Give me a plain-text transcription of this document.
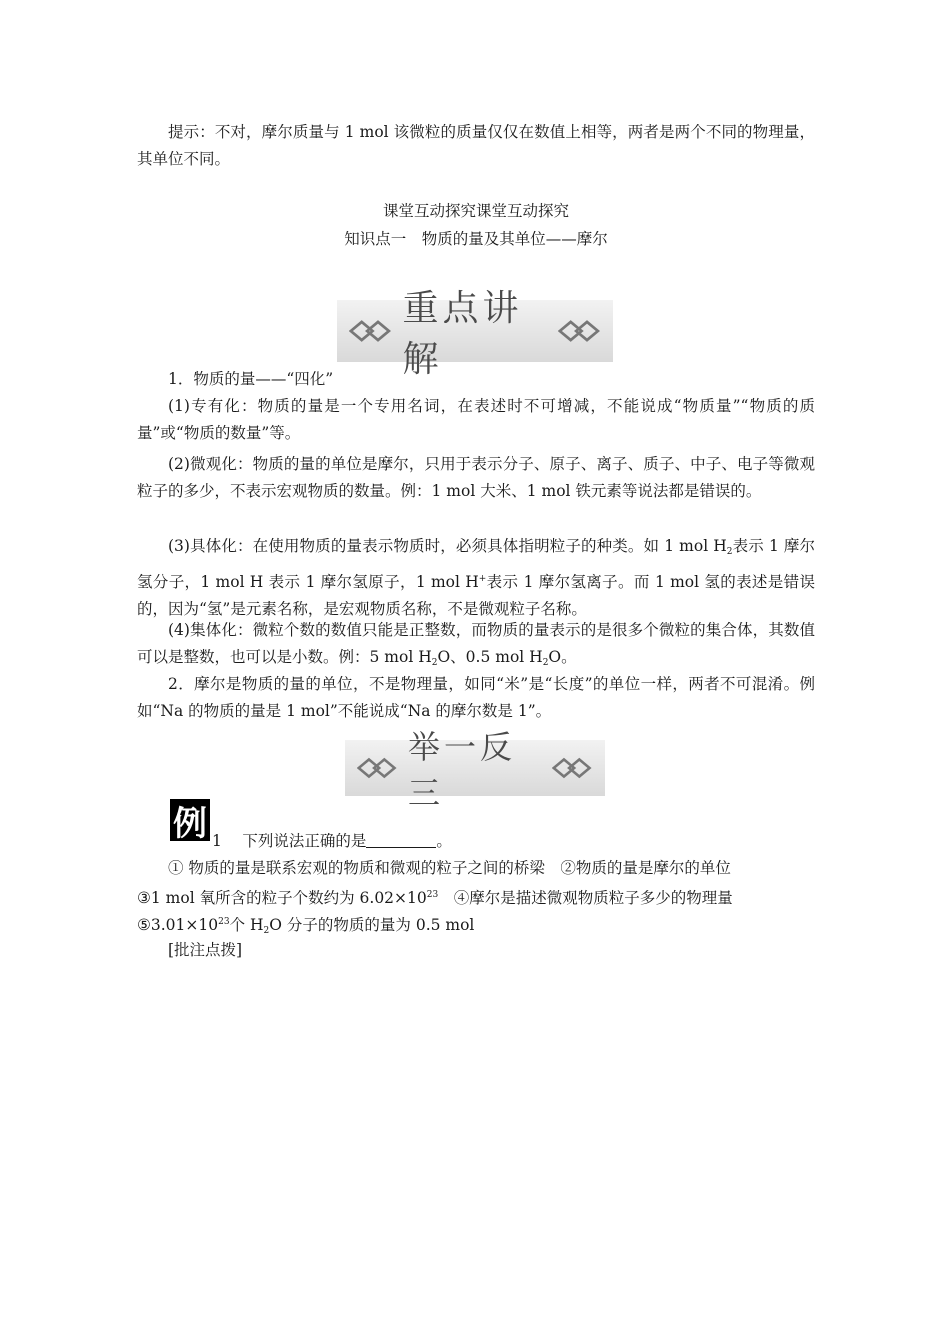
提示：不对，摩尔质量与 1 mol 该微粒的质量仅仅在数值上相等，两者是两个不同的物理量，其单位不同。

课堂互动探究课堂互动探究

知识点一　物质的量及其单位——摩尔

重点讲解

1．物质的量——“四化”

(1)专有化：物质的量是一个专用名词，在表述时不可增减，不能说成“物质量”“物质的质量”或“物质的数量”等。

(2)微观化：物质的量的单位是摩尔，只用于表示分子、原子、离子、质子、中子、电子等微观粒子的多少，不表示宏观物质的数量。例：1 mol 大米、1 mol 铁元素等说法都是错误的。

(3)具体化：在使用物质的量表示物质时，必须具体指明粒子的种类。如 1 mol $H_2$表示 1 摩尔氢分子，1 mol H 表示 1 摩尔氢原子，1 mol H+表示 1 摩尔氢离子。而 1 mol 氢的表述是错误的，因为“氢”是元素名称，是宏观物质名称，不是微观粒子名称。

(4)集体化：微粒个数的数值只能是正整数，而物质的量表示的是很多个微粒的集合体，其数值可以是整数，也可以是小数。例：5 mol $H_2O$、0.5 mol $H_2O$。

2．摩尔是物质的量的单位，不是物理量，如同“米”是“长度”的单位一样，两者不可混淆。例如“Na 的物质的量是 1 mol”不能说成“Na 的摩尔数是 1”。

举一反三
例 1　 下列说法正确的是	。

① 物质的量是联系宏观的物质和微观的粒子之间的桥梁　②物质的量是摩尔的单位

③1 mol 氧所含的粒子个数约为 $6.02\times 10^{23}$　④摩尔是描述微观物质粒子多少的物理量

$⑤3.01\times 10^{23}$个 $H_2O$ 分子的物质的量为 0.5 mol

[批注点拨]
